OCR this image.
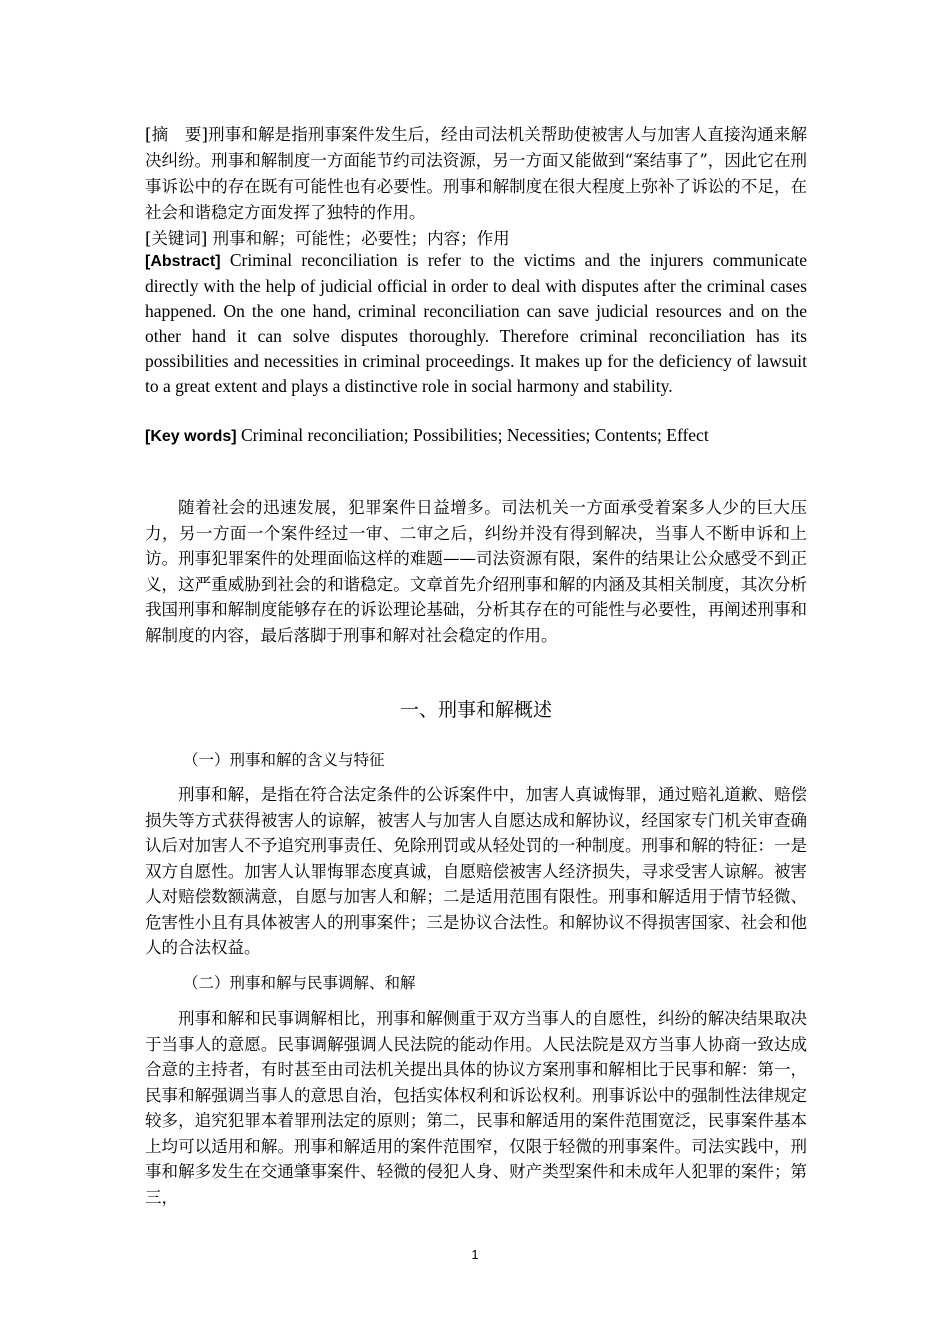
[摘　要]刑事和解是指刑事案件发生后，经由司法机关帮助使被害人与加害人直接沟通来解决纠纷。刑事和解制度一方面能节约司法资源，另一方面又能做到“案结事了”，因此它在刑事诉讼中的存在既有可能性也有必要性。刑事和解制度在很大程度上弥补了诉讼的不足，在社会和谐稳定方面发挥了独特的作用。
[关键词] 刑事和解；可能性；必要性；内容；作用
[Abstract] Criminal reconciliation is refer to the victims and the injurers communicate directly with the help of judicial official in order to deal with disputes after the criminal cases happened. On the one hand, criminal reconciliation can save judicial resources and on the other hand it can solve disputes thoroughly. Therefore criminal reconciliation has its possibilities and necessities in criminal proceedings. It makes up for the deficiency of lawsuit to a great extent and plays a distinctive role in social harmony and stability.
[Key words] Criminal reconciliation; Possibilities; Necessities; Contents; Effect
随着社会的迅速发展，犯罪案件日益增多。司法机关一方面承受着案多人少的巨大压力，另一方面一个案件经过一审、二审之后，纠纷并没有得到解决，当事人不断申诉和上访。刑事犯罪案件的处理面临这样的难题——司法资源有限，案件的结果让公众感受不到正义，这严重威胁到社会的和谐稳定。文章首先介绍刑事和解的内涵及其相关制度，其次分析我国刑事和解制度能够存在的诉讼理论基础，分析其存在的可能性与必要性，再阐述刑事和解制度的内容，最后落脚于刑事和解对社会稳定的作用。
一、刑事和解概述
（一）刑事和解的含义与特征
刑事和解，是指在符合法定条件的公诉案件中，加害人真诚悔罪，通过赔礼道歉、赔偿损失等方式获得被害人的谅解，被害人与加害人自愿达成和解协议，经国家专门机关审查确认后对加害人不予追究刑事责任、免除刑罚或从轻处罚的一种制度。刑事和解的特征：一是双方自愿性。加害人认罪悔罪态度真诚，自愿赔偿被害人经济损失，寻求受害人谅解。被害人对赔偿数额满意，自愿与加害人和解；二是适用范围有限性。刑事和解适用于情节轻微、危害性小且有具体被害人的刑事案件；三是协议合法性。和解协议不得损害国家、社会和他人的合法权益。
（二）刑事和解与民事调解、和解
刑事和解和民事调解相比，刑事和解侧重于双方当事人的自愿性，纠纷的解决结果取决于当事人的意愿。民事调解强调人民法院的能动作用。人民法院是双方当事人协商一致达成合意的主持者，有时甚至由司法机关提出具体的协议方案刑事和解相比于民事和解：第一，民事和解强调当事人的意思自治，包括实体权利和诉讼权利。刑事诉讼中的强制性法律规定较多，追究犯罪本着罪刑法定的原则；第二，民事和解适用的案件范围宽泛，民事案件基本上均可以适用和解。刑事和解适用的案件范围窄，仅限于轻微的刑事案件。司法实践中，刑事和解多发生在交通肇事案件、轻微的侵犯人身、财产类型案件和未成年人犯罪的案件；第三，
1
